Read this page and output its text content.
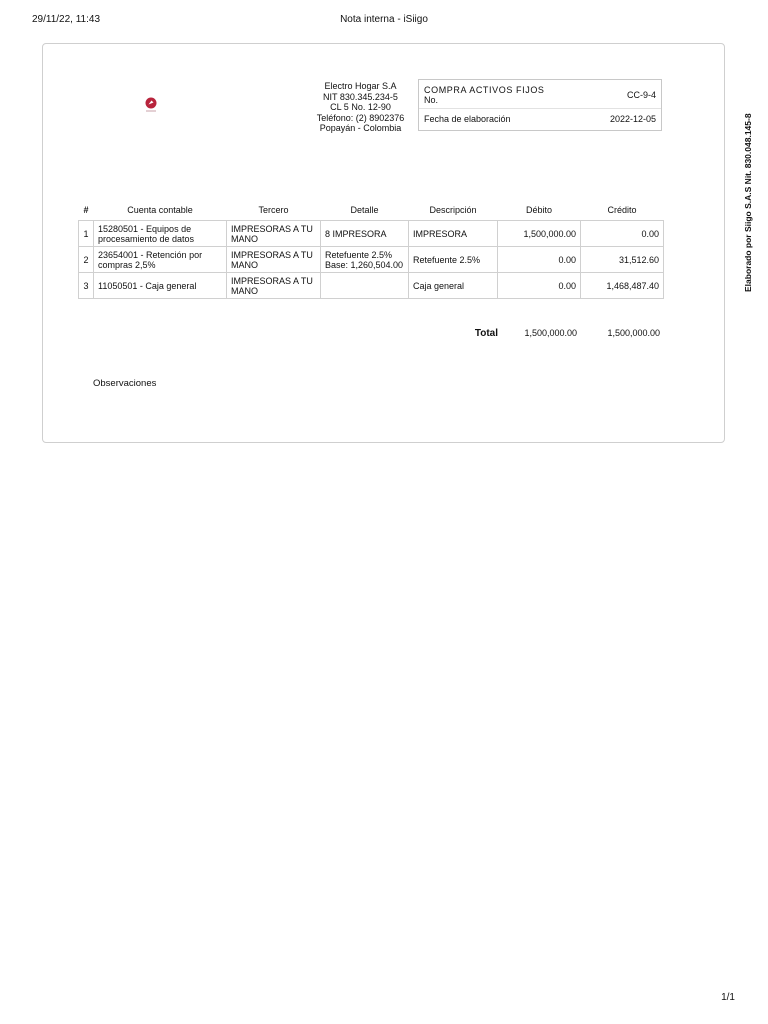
29/11/22, 11:43	Nota interna - iSiigo
Electro Hogar S.A
NIT 830.345.234-5
CL 5 No. 12-90
Teléfono: (2) 8902376
Popayán - Colombia
COMPRA ACTIVOS FIJOS
No.	CC-9-4
Fecha de elaboración	2022-12-05
#	Cuenta contable	Tercero	Detalle	Descripción	Débito	Crédito
1	15280501 - Equipos de procesamiento de datos	IMPRESORAS A TU MANO	8 IMPRESORA	IMPRESORA	1,500,000.00	0.00
2	23654001 - Retención por compras 2,5%	IMPRESORAS A TU MANO	Retefuente 2.5% Base: 1,260,504.00	Retefuente 2.5%	0.00	31,512.60
3	11050501 - Caja general	IMPRESORAS A TU MANO		Caja general	0.00	1,468,487.40
Total	1,500,000.00	1,500,000.00
Observaciones
Elaborado por Siigo S.A.S Nit. 830.048.145-8
1/1
